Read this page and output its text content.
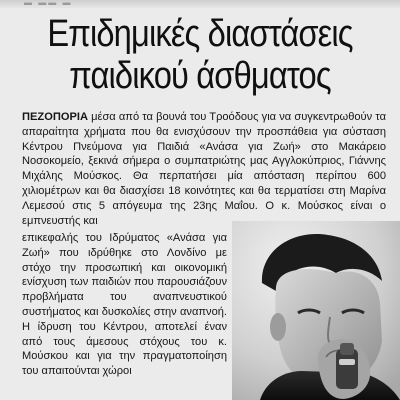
▬ ▬▬ ▬
Επιδημικές διαστάσεις
παιδικού άσθματος

ΠΕΖΟΠΟΡΙΑ μέσα από τα βουνά του Τροόδους για να συγκεντρωθούν τα απαραίτητα χρήματα που θα ενισχύσουν την προσπάθεια για σύσταση Κέντρου Πνεύμονα για Παιδιά «Ανάσα για Ζωή» στο Μακάρειο Νοσοκομείο, ξεκινά σήμερα ο συμπατριώτης μας Αγγλοκύπριος, Γιάννης Μιχάλης Μούσκος. Θα περπατήσει μία απόσταση περίπου 600 χιλιομέτρων και θα διασχίσει 18 κοινότητες και θα τερματίσει στη Μαρίνα Λεμεσού στις 5 απόγευμα της 23ης Μαΐου. Ο κ. Μούσκος είναι ο εμπνευστής και

επικεφαλής του Ιδρύματος «Ανάσα για Ζωή» που ιδρύθηκε στο Λονδίνο με στόχο την προσωπική και οικονομική ενίσχυση των παιδιών που παρουσιάζουν προβλήματα του αναπνευστικού συστήματος και δυσκολίες στην αναπνοή. Η ίδρυση του Κέντρου, αποτελεί έναν από τους άμεσους στόχους του κ. Μούσκου και για την πραγματοποίηση του απαιτούνται χώροι
